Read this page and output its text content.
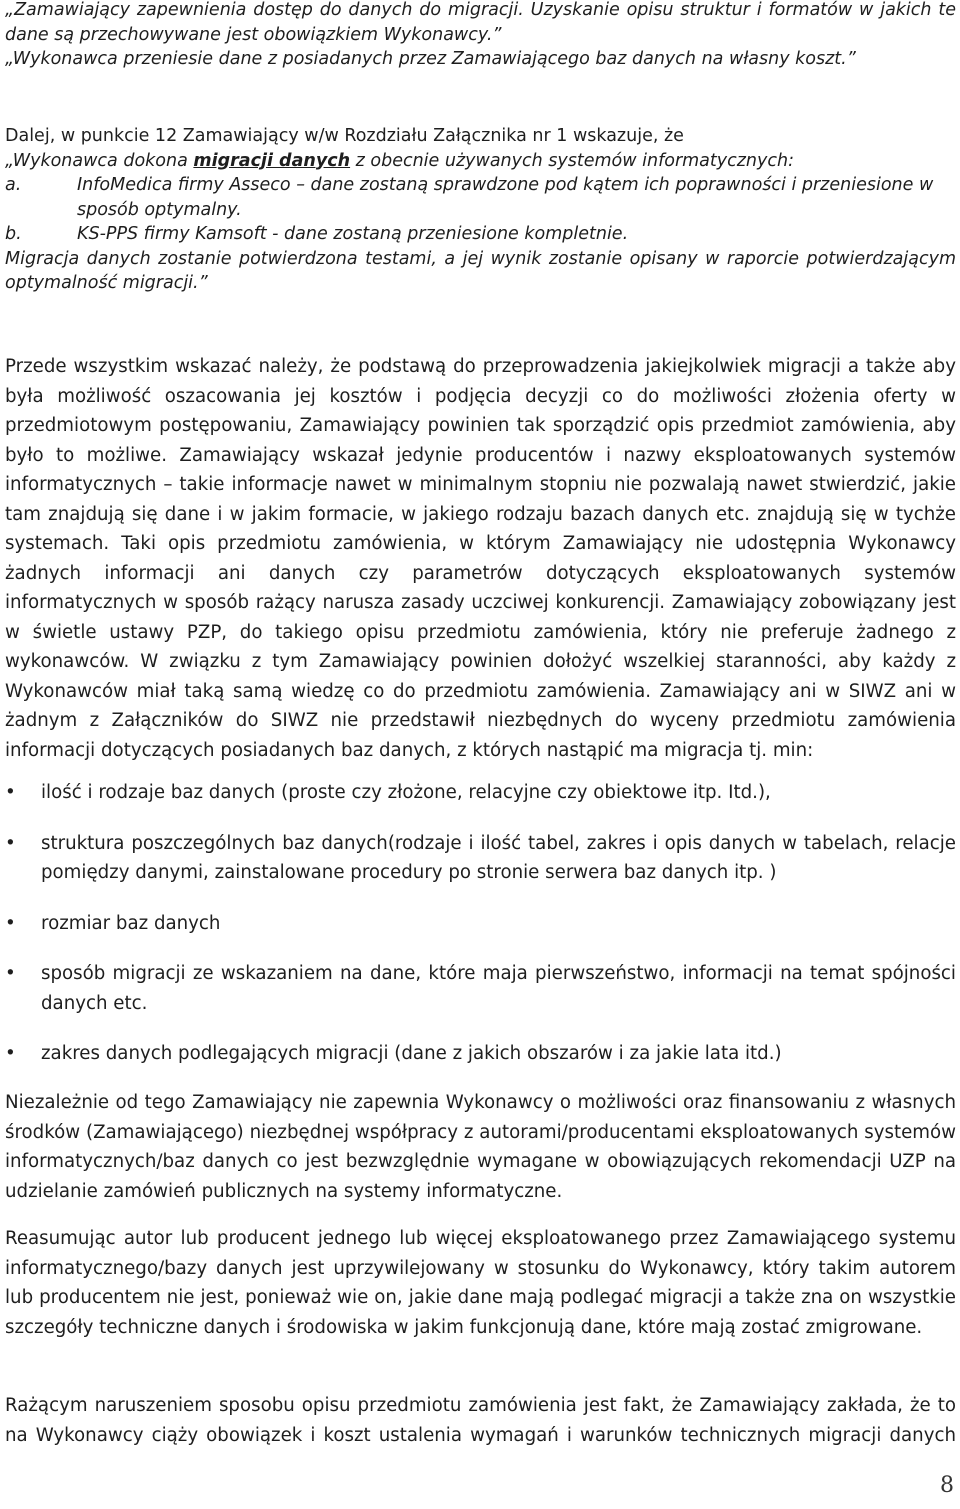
„Zamawiający zapewnienia dostęp do danych do migracji. Uzyskanie opisu struktur i formatów w jakich te dane są przechowywane jest obowiązkiem Wykonawcy.”

„Wykonawca przeniesie dane z posiadanych przez Zamawiającego baz danych na własny koszt.”

Dalej, w punkcie 12 Zamawiający w/w Rozdziału Załącznika nr 1 wskazuje, że

„Wykonawca dokona migracji danych z obecnie używanych systemów informatycznych:

a.	InfoMedica firmy Asseco – dane zostaną sprawdzone pod kątem ich poprawności i przeniesione w sposób optymalny.
b.	KS-PPS firmy Kamsoft - dane zostaną przeniesione kompletnie.

Migracja danych zostanie potwierdzona testami, a jej wynik zostanie opisany w raporcie potwierdzającym optymalność migracji.”

Przede wszystkim wskazać należy, że podstawą do przeprowadzenia jakiejkolwiek migracji a także aby była możliwość oszacowania jej kosztów i podjęcia decyzji co do możliwości złożenia oferty w przedmiotowym postępowaniu, Zamawiający powinien tak sporządzić opis przedmiot zamówienia, aby było to możliwe. Zamawiający wskazał jedynie producentów i nazwy eksploatowanych systemów informatycznych – takie informacje nawet w minimalnym stopniu nie pozwalają nawet stwierdzić, jakie tam znajdują się dane i w jakim formacie, w jakiego rodzaju bazach danych etc. znajdują się w tychże systemach. Taki opis przedmiotu zamówienia, w którym Zamawiający nie udostępnia Wykonawcy żadnych informacji ani danych czy parametrów dotyczących eksploatowanych systemów informatycznych w sposób rażący narusza zasady uczciwej konkurencji. Zamawiający zobowiązany jest w świetle ustawy PZP, do takiego opisu przedmiotu zamówienia, który nie preferuje żadnego z wykonawców. W związku z tym Zamawiający powinien dołożyć wszelkiej staranności, aby każdy z Wykonawców miał taką samą wiedzę co do przedmiotu zamówienia. Zamawiający ani w SIWZ ani w żadnym z Załączników do SIWZ nie przedstawił niezbędnych do wyceny przedmiotu zamówienia informacji dotyczących posiadanych baz danych, z których nastąpić ma migracja tj. min:

• ilość i rodzaje baz danych (proste czy złożone, relacyjne czy obiektowe itp. Itd.),
• struktura poszczególnych baz danych(rodzaje i ilość tabel, zakres i opis danych w tabelach, relacje pomiędzy danymi, zainstalowane procedury po stronie serwera baz danych itp. )
• rozmiar baz danych
• sposób migracji ze wskazaniem na dane, które maja pierwszeństwo, informacji na temat spójności danych etc.
• zakres danych podlegających migracji (dane z jakich obszarów i za jakie lata itd.)

Niezależnie od tego Zamawiający nie zapewnia Wykonawcy o możliwości oraz finansowaniu z własnych środków (Zamawiającego) niezbędnej współpracy z autorami/producentami eksploatowanych systemów informatycznych/baz danych co jest bezwzględnie wymagane w obowiązujących rekomendacji UZP na udzielanie zamówień publicznych na systemy informatyczne.

Reasumując autor lub producent jednego lub więcej eksploatowanego przez Zamawiającego systemu informatycznego/bazy danych jest uprzywilejowany w stosunku do Wykonawcy, który takim autorem lub producentem nie jest, ponieważ wie on, jakie dane mają podlegać migracji a także zna on wszystkie szczegóły techniczne danych i środowiska w jakim funkcjonują dane, które mają zostać zmigrowane.

Rażącym naruszeniem sposobu opisu przedmiotu zamówienia jest fakt, że Zamawiający zakłada, że to na Wykonawcy ciąży obowiązek i koszt ustalenia wymagań i warunków technicznych migracji danych

8
